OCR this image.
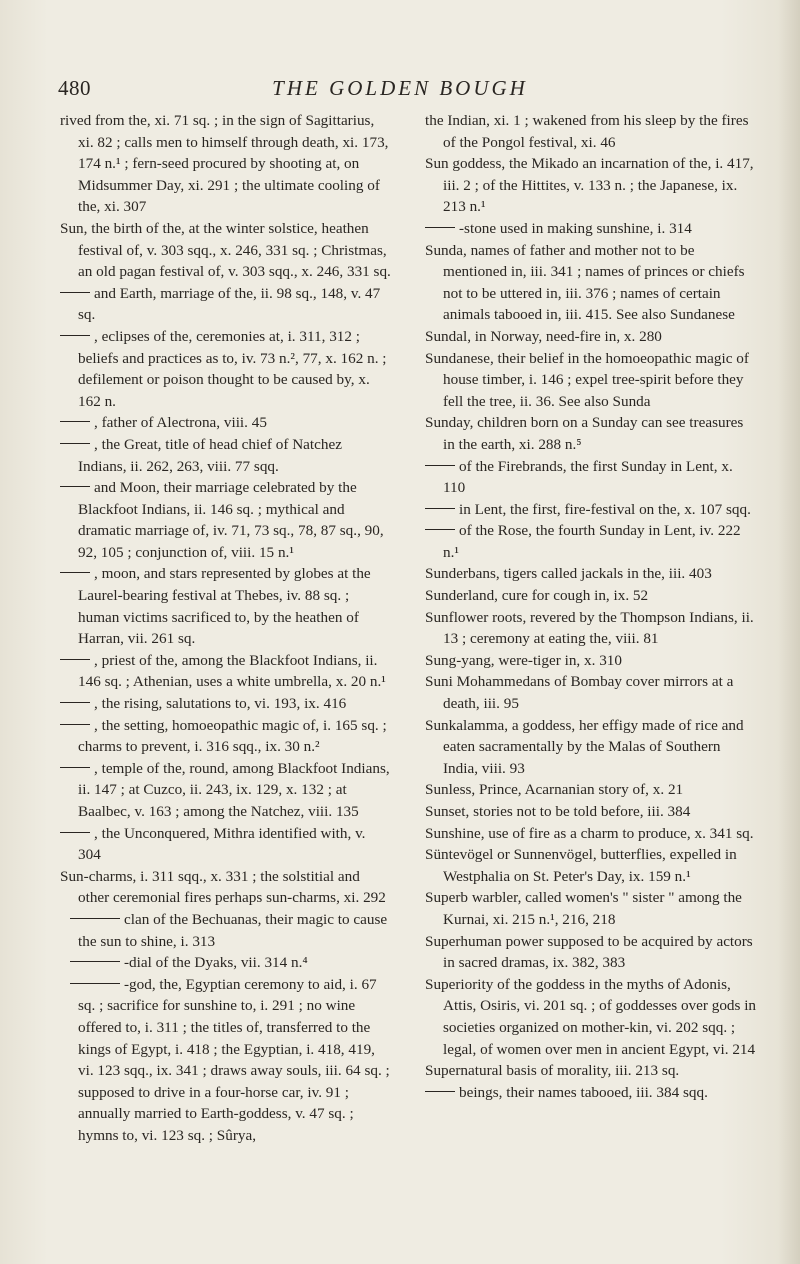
480	THE GOLDEN BOUGH

rived from the, xi. 71 sq. ; in the sign of Sagittarius, xi. 82 ; calls men to himself through death, xi. 173, 174 n.¹ ; fern-seed procured by shooting at, on Midsummer Day, xi. 291 ; the ultimate cooling of the, xi. 307

Sun, the birth of the, at the winter solstice, heathen festival of, v. 303 sqq., x. 246, 331 sq. ; Christmas, an old pagan festival of, v. 303 sqq., x. 246, 331 sq.

and Earth, marriage of the, ii. 98 sq., 148, v. 47 sq.

, eclipses of the, ceremonies at, i. 311, 312 ; beliefs and practices as to, iv. 73 n.², 77, x. 162 n. ; defilement or poison thought to be caused by, x. 162 n.

, father of Alectrona, viii. 45

, the Great, title of head chief of Natchez Indians, ii. 262, 263, viii. 77 sqq.

and Moon, their marriage celebrated by the Blackfoot Indians, ii. 146 sq. ; mythical and dramatic marriage of, iv. 71, 73 sq., 78, 87 sq., 90, 92, 105 ; conjunction of, viii. 15 n.¹

, moon, and stars represented by globes at the Laurel-bearing festival at Thebes, iv. 88 sq. ; human victims sacrificed to, by the heathen of Harran, vii. 261 sq.

, priest of the, among the Blackfoot Indians, ii. 146 sq. ; Athenian, uses a white umbrella, x. 20 n.¹

, the rising, salutations to, vi. 193, ix. 416

, the setting, homoeopathic magic of, i. 165 sq. ; charms to prevent, i. 316 sqq., ix. 30 n.²

, temple of the, round, among Blackfoot Indians, ii. 147 ; at Cuzco, ii. 243, ix. 129, x. 132 ; at Baalbec, v. 163 ; among the Natchez, viii. 135

, the Unconquered, Mithra identified with, v. 304

Sun-charms, i. 311 sqq., x. 331 ; the solstitial and other ceremonial fires perhaps sun-charms, xi. 292

clan of the Bechuanas, their magic to cause the sun to shine, i. 313

-dial of the Dyaks, vii. 314 n.⁴

-god, the, Egyptian ceremony to aid, i. 67 sq. ; sacrifice for sunshine to, i. 291 ; no wine offered to, i. 311 ; the titles of, transferred to the kings of Egypt, i. 418 ; the Egyptian, i. 418, 419, vi. 123 sqq., ix. 341 ; draws away souls, iii. 64 sq. ; supposed to drive in a four-horse car, iv. 91 ; annually married to Earth-goddess, v. 47 sq. ; hymns to, vi. 123 sq. ; Sûrya,

the Indian, xi. 1 ; wakened from his sleep by the fires of the Pongol festival, xi. 46

Sun goddess, the Mikado an incarnation of the, i. 417, iii. 2 ; of the Hittites, v. 133 n. ; the Japanese, ix. 213 n.¹

-stone used in making sunshine, i. 314

Sunda, names of father and mother not to be mentioned in, iii. 341 ; names of princes or chiefs not to be uttered in, iii. 376 ; names of certain animals tabooed in, iii. 415. See also Sundanese

Sundal, in Norway, need-fire in, x. 280

Sundanese, their belief in the homoeopathic magic of house timber, i. 146 ; expel tree-spirit before they fell the tree, ii. 36. See also Sunda

Sunday, children born on a Sunday can see treasures in the earth, xi. 288 n.⁵

of the Firebrands, the first Sunday in Lent, x. 110

in Lent, the first, fire-festival on the, x. 107 sqq.

of the Rose, the fourth Sunday in Lent, iv. 222 n.¹

Sunderbans, tigers called jackals in the, iii. 403

Sunderland, cure for cough in, ix. 52

Sunflower roots, revered by the Thompson Indians, ii. 13 ; ceremony at eating the, viii. 81

Sung-yang, were-tiger in, x. 310

Suni Mohammedans of Bombay cover mirrors at a death, iii. 95

Sunkalamma, a goddess, her effigy made of rice and eaten sacramentally by the Malas of Southern India, viii. 93

Sunless, Prince, Acarnanian story of, x. 21

Sunset, stories not to be told before, iii. 384

Sunshine, use of fire as a charm to produce, x. 341 sq.

Süntevögel or Sunnenvögel, butterflies, expelled in Westphalia on St. Peter's Day, ix. 159 n.¹

Superb warbler, called women's " sister " among the Kurnai, xi. 215 n.¹, 216, 218

Superhuman power supposed to be acquired by actors in sacred dramas, ix. 382, 383

Superiority of the goddess in the myths of Adonis, Attis, Osiris, vi. 201 sq. ; of goddesses over gods in societies organized on mother-kin, vi. 202 sqq. ; legal, of women over men in ancient Egypt, vi. 214

Supernatural basis of morality, iii. 213 sq.

beings, their names tabooed, iii. 384 sqq.
